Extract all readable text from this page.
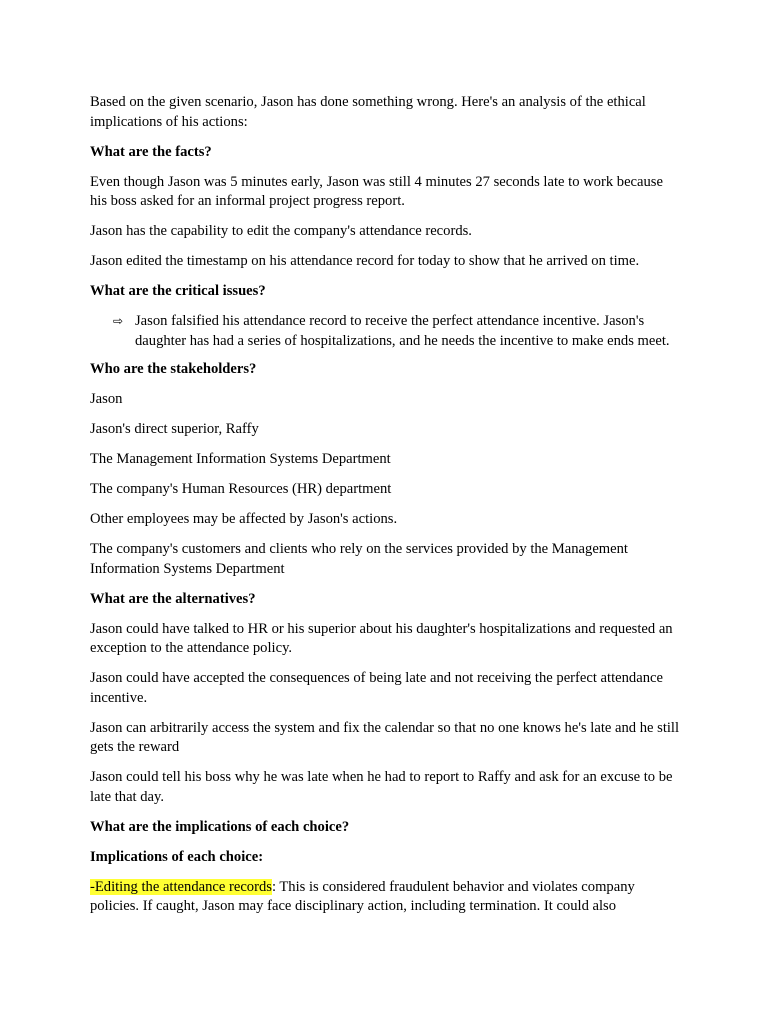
Based on the given scenario, Jason has done something wrong. Here's an analysis of the ethical implications of his actions:

What are the facts?

Even though Jason was 5 minutes early, Jason was still 4 minutes 27 seconds late to work because his boss asked for an informal project progress report.

Jason has the capability to edit the company's attendance records.

Jason edited the timestamp on his attendance record for today to show that he arrived on time.

What are the critical issues?

⇨ Jason falsified his attendance record to receive the perfect attendance incentive. Jason's daughter has had a series of hospitalizations, and he needs the incentive to make ends meet.

Who are the stakeholders?

Jason

Jason's direct superior, Raffy

The Management Information Systems Department

The company's Human Resources (HR) department

Other employees may be affected by Jason's actions.

The company's customers and clients who rely on the services provided by the Management Information Systems Department

What are the alternatives?

Jason could have talked to HR or his superior about his daughter's hospitalizations and requested an exception to the attendance policy.

Jason could have accepted the consequences of being late and not receiving the perfect attendance incentive.

Jason can arbitrarily access the system and fix the calendar so that no one knows he's late and he still gets the reward

Jason could tell his boss why he was late when he had to report to Raffy and ask for an excuse to be late that day.

What are the implications of each choice?

Implications of each choice:

-Editing the attendance records: This is considered fraudulent behavior and violates company policies. If caught, Jason may face disciplinary action, including termination. It could also
